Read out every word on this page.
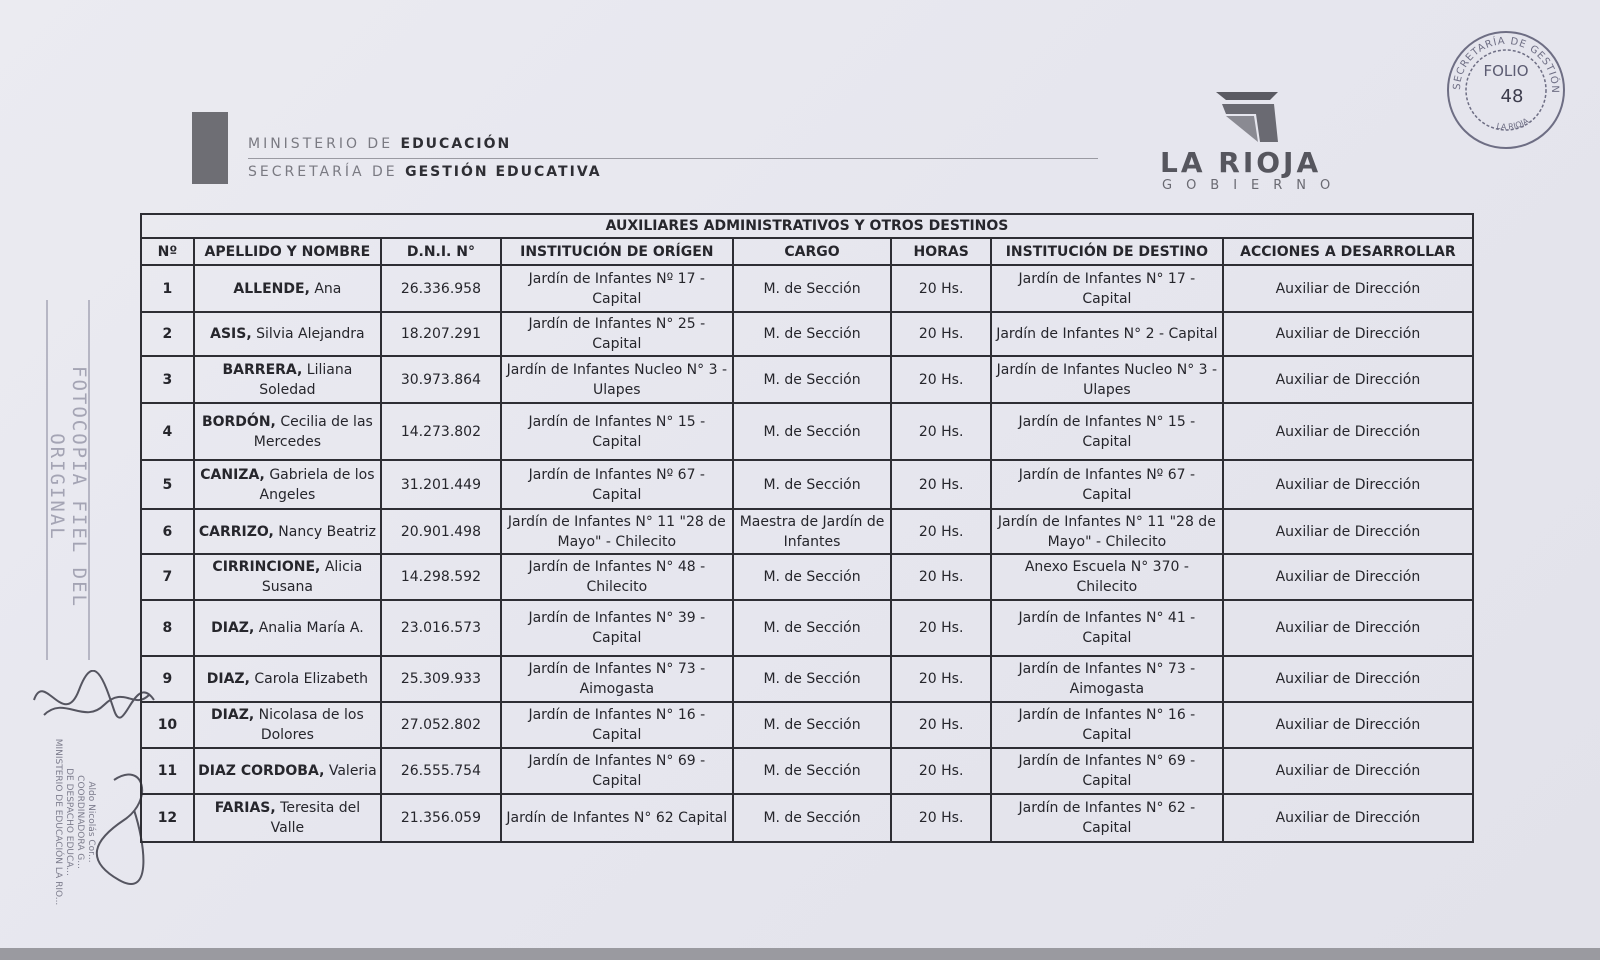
MINISTERIO DE EDUCACIÓN
SECRETARÍA DE GESTIÓN EDUCATIVA	LA RIOJA
GOBIERNO
SECRETARÍA DE GESTIÓN
LA RIOJA
FOLIO
48
FOTOCOPIA FIEL DEL ORIGINAL
Aldo Nicolás Cor...
COORDINADORA G...
DE DESPACHO EDUCA...
MINISTERIO DE EDUCACIÓN LA RIO...
AUXILIARES ADMINISTRATIVOS Y OTROS DESTINOS							
Nº	APELLIDO Y NOMBRE	D.N.I. N°	INSTITUCIÓN DE ORÍGEN	CARGO	HORAS	INSTITUCIÓN DE DESTINO	ACCIONES A DESARROLLAR
1	ALLENDE, Ana	26.336.958	Jardín de Infantes Nº 17 - Capital	M. de Sección	20 Hs.	Jardín de Infantes N° 17 - Capital	Auxiliar de Dirección
2	ASIS, Silvia Alejandra	18.207.291	Jardín de Infantes N° 25 - Capital	M. de Sección	20 Hs.	Jardín de Infantes N° 2 - Capital	Auxiliar de Dirección
3	BARRERA, Liliana Soledad	30.973.864	Jardín de Infantes Nucleo N° 3 - Ulapes	M. de Sección	20 Hs.	Jardín de Infantes Nucleo N° 3 - Ulapes	Auxiliar de Dirección
4	BORDÓN, Cecilia de las Mercedes	14.273.802	Jardín de Infantes N° 15 - Capital	M. de Sección	20 Hs.	Jardín de Infantes N° 15 - Capital	Auxiliar de Dirección
5	CANIZA, Gabriela de los Angeles	31.201.449	Jardín de Infantes Nº 67 - Capital	M. de Sección	20 Hs.	Jardín de Infantes Nº 67 - Capital	Auxiliar de Dirección
6	CARRIZO, Nancy Beatriz	20.901.498	Jardín de Infantes N° 11 "28 de Mayo" - Chilecito	Maestra de Jardín de Infantes	20 Hs.	Jardín de Infantes N° 11 "28 de Mayo" - Chilecito	Auxiliar de Dirección
7	CIRRINCIONE, Alicia Susana	14.298.592	Jardín de Infantes N° 48 - Chilecito	M. de Sección	20 Hs.	Anexo Escuela N° 370 - Chilecito	Auxiliar de Dirección
8	DIAZ, Analia María A.	23.016.573	Jardín de Infantes N° 39 - Capital	M. de Sección	20 Hs.	Jardín de Infantes N° 41 - Capital	Auxiliar de Dirección
9	DIAZ, Carola Elizabeth	25.309.933	Jardín de Infantes N° 73 - Aimogasta	M. de Sección	20 Hs.	Jardín de Infantes N° 73 - Aimogasta	Auxiliar de Dirección
10	DIAZ, Nicolasa de los Dolores	27.052.802	Jardín de Infantes N° 16 - Capital	M. de Sección	20 Hs.	Jardín de Infantes N° 16 - Capital	Auxiliar de Dirección
11	DIAZ CORDOBA, Valeria	26.555.754	Jardín de Infantes N° 69 - Capital	M. de Sección	20 Hs.	Jardín de Infantes N° 69 - Capital	Auxiliar de Dirección
12	FARIAS, Teresita del Valle	21.356.059	Jardín de Infantes N° 62 Capital	M. de Sección	20 Hs.	Jardín de Infantes N° 62 - Capital	Auxiliar de Dirección
